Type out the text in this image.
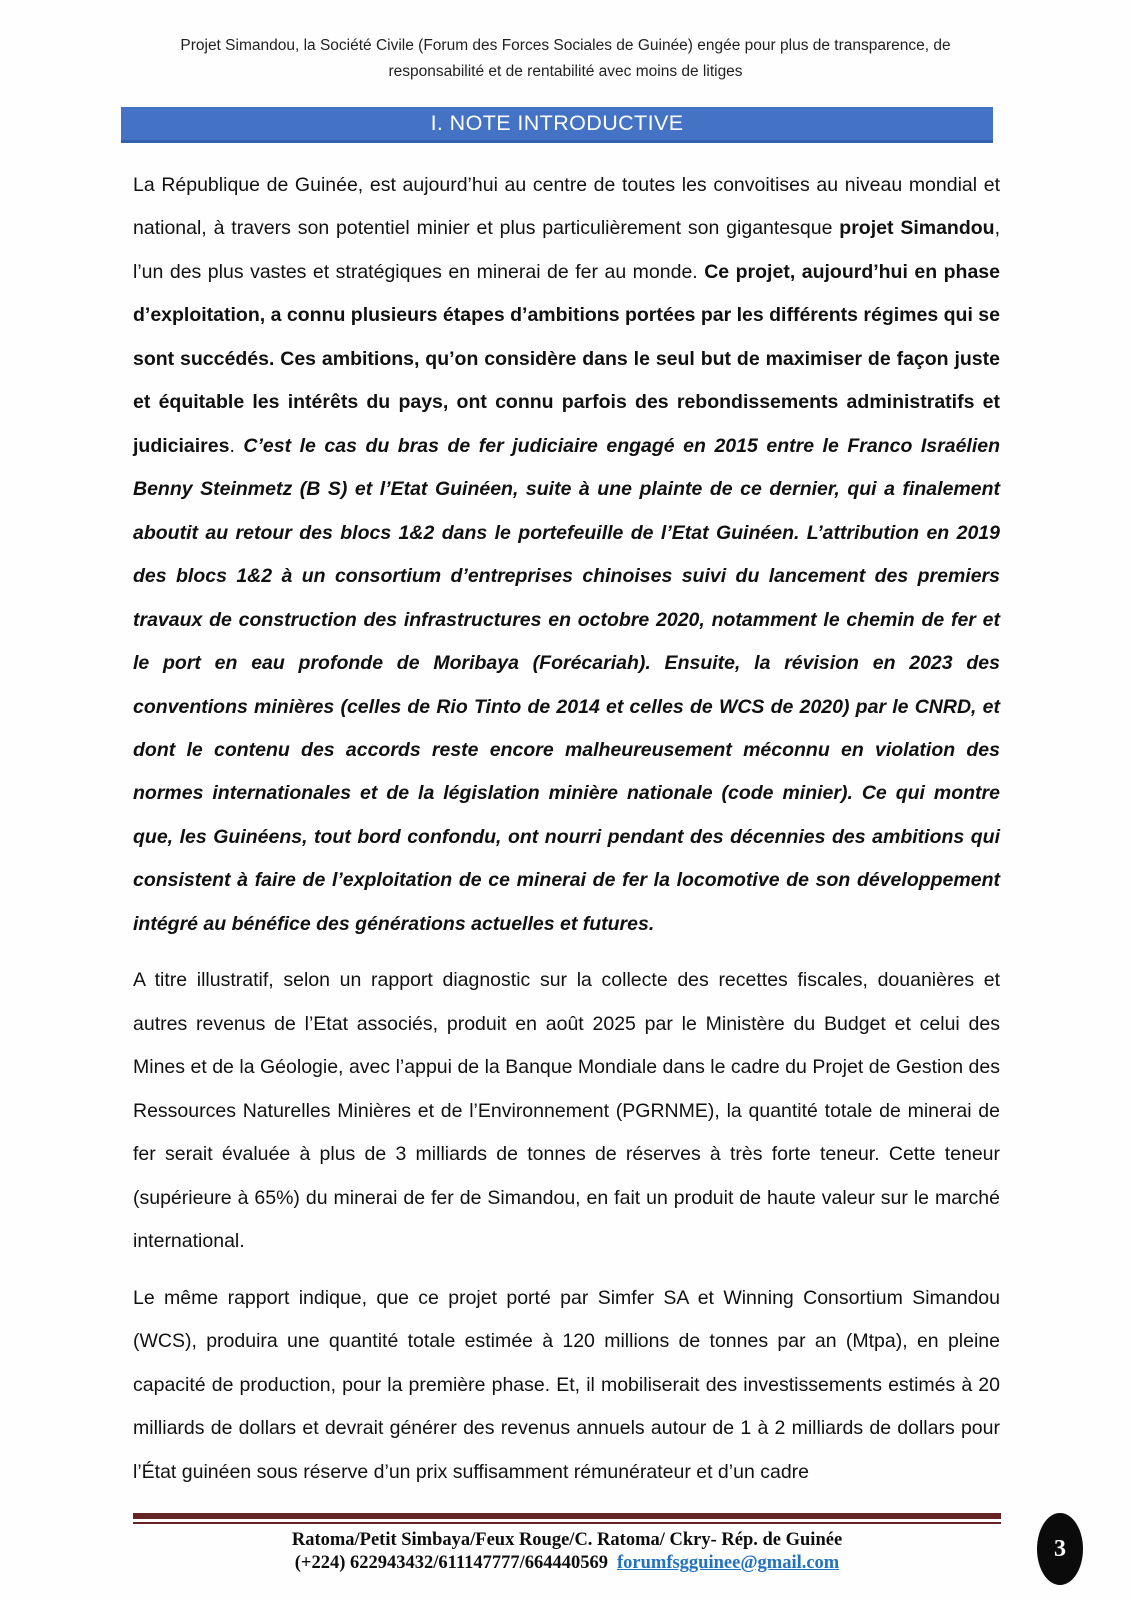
Projet Simandou, la Société Civile (Forum des Forces Sociales de Guinée) engée pour plus de transparence, de responsabilité et de rentabilité avec moins de litiges
I. NOTE INTRODUCTIVE

La République de Guinée, est aujourd’hui au centre de toutes les convoitises au niveau mondial et national, à travers son potentiel minier et plus particulièrement son gigantesque projet Simandou, l’un des plus vastes et stratégiques en minerai de fer au monde. Ce projet, aujourd’hui en phase d’exploitation, a connu plusieurs étapes d’ambitions portées par les différents régimes qui se sont succédés. Ces ambitions, qu’on considère dans le seul but de maximiser de façon juste et équitable les intérêts du pays, ont connu parfois des rebondissements administratifs et judiciaires. C’est le cas du bras de fer judiciaire engagé en 2015 entre le Franco Israélien Benny Steinmetz (B S) et l’Etat Guinéen, suite à une plainte de ce dernier, qui a finalement aboutit au retour des blocs 1&2 dans le portefeuille de l’Etat Guinéen. L’attribution en 2019 des blocs 1&2 à un consortium d’entreprises chinoises suivi du lancement des premiers travaux de construction des infrastructures en octobre 2020, notamment le chemin de fer et le port en eau profonde de Moribaya (Forécariah). Ensuite, la révision en 2023 des conventions minières (celles de Rio Tinto de 2014 et celles de WCS de 2020) par le CNRD, et dont le contenu des accords reste encore malheureusement méconnu en violation des normes internationales et de la législation minière nationale (code minier). Ce qui montre que, les Guinéens, tout bord confondu, ont nourri pendant des décennies des ambitions qui consistent à faire de l’exploitation de ce minerai de fer la locomotive de son développement intégré au bénéfice des générations actuelles et futures.

A titre illustratif, selon un rapport diagnostic sur la collecte des recettes fiscales, douanières et autres revenus de l’Etat associés, produit en août 2025 par le Ministère du Budget et celui des Mines et de la Géologie, avec l’appui de la Banque Mondiale dans le cadre du Projet de Gestion des Ressources Naturelles Minières et de l’Environnement (PGRNME), la quantité totale de minerai de fer serait évaluée à plus de 3 milliards de tonnes de réserves à très forte teneur. Cette teneur (supérieure à 65%) du minerai de fer de Simandou, en fait un produit de haute valeur sur le marché international.

Le même rapport indique, que ce projet porté par Simfer SA et Winning Consortium Simandou (WCS), produira une quantité totale estimée à 120 millions de tonnes par an (Mtpa), en pleine capacité de production, pour la première phase. Et, il mobiliserait des investissements estimés à 20 milliards de dollars et devrait générer des revenus annuels autour de 1 à 2 milliards de dollars pour l’État guinéen sous réserve d’un prix suffisamment rémunérateur et d’un cadre

Ratoma/Petit Simbaya/Feux Rouge/C. Ratoma/ Ckry- Rép. de Guinée
(+224) 622943432/611147777/664440569 forumfsgguinee@gmail.com
3
